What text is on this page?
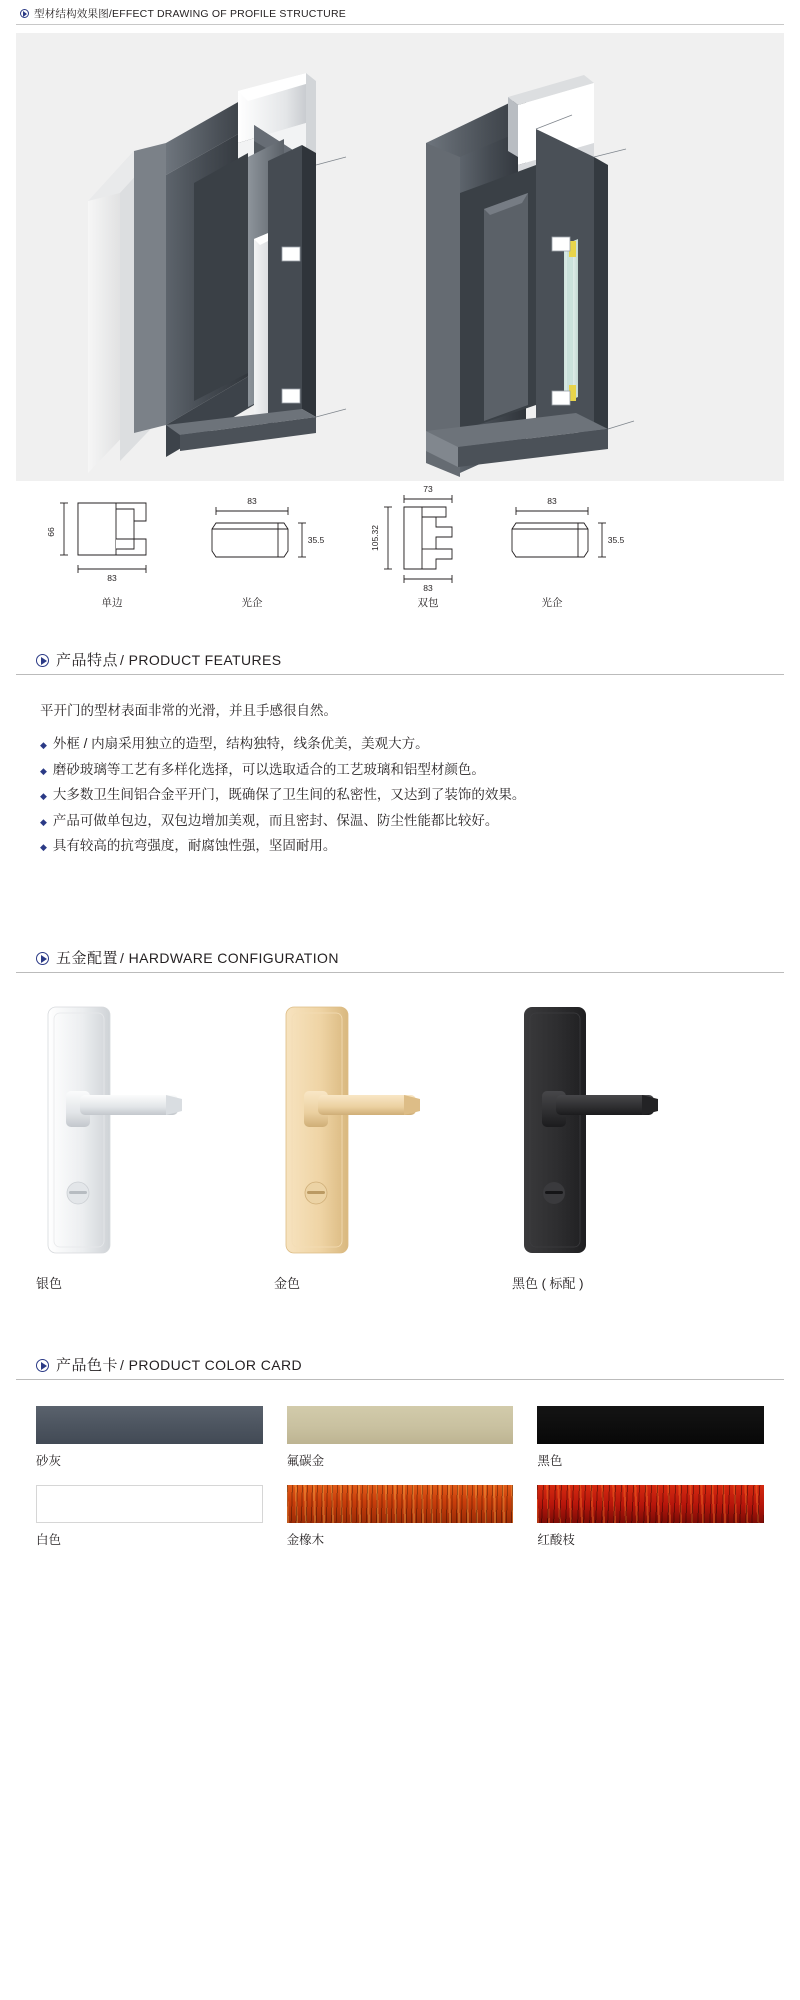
型材结构效果图 /EFFECT DRAWING OF PROFILE STRUCTURE
66
83
83
35.5
73
105.32
83
83
35.5
单边	光企	双包	光企
产品特点 / PRODUCT FEATURES
平开门的型材表面非常的光滑，并且手感很自然。
◆ 外框 / 内扇采用独立的造型，结构独特，线条优美，美观大方。
◆ 磨砂玻璃等工艺有多样化选择，可以选取适合的工艺玻璃和铝型材颜色。
◆ 大多数卫生间铝合金平开门，既确保了卫生间的私密性，又达到了装饰的效果。
◆ 产品可做单包边，双包边增加美观，而且密封、保温、防尘性能都比较好。
◆ 具有较高的抗弯强度，耐腐蚀性强，坚固耐用。
五金配置 / HARDWARE CONFIGURATION
银色	金色	黑色 ( 标配 )
产品色卡 / PRODUCT COLOR CARD
砂灰	氟碳金	黑色
白色	金橡木	红酸枝
